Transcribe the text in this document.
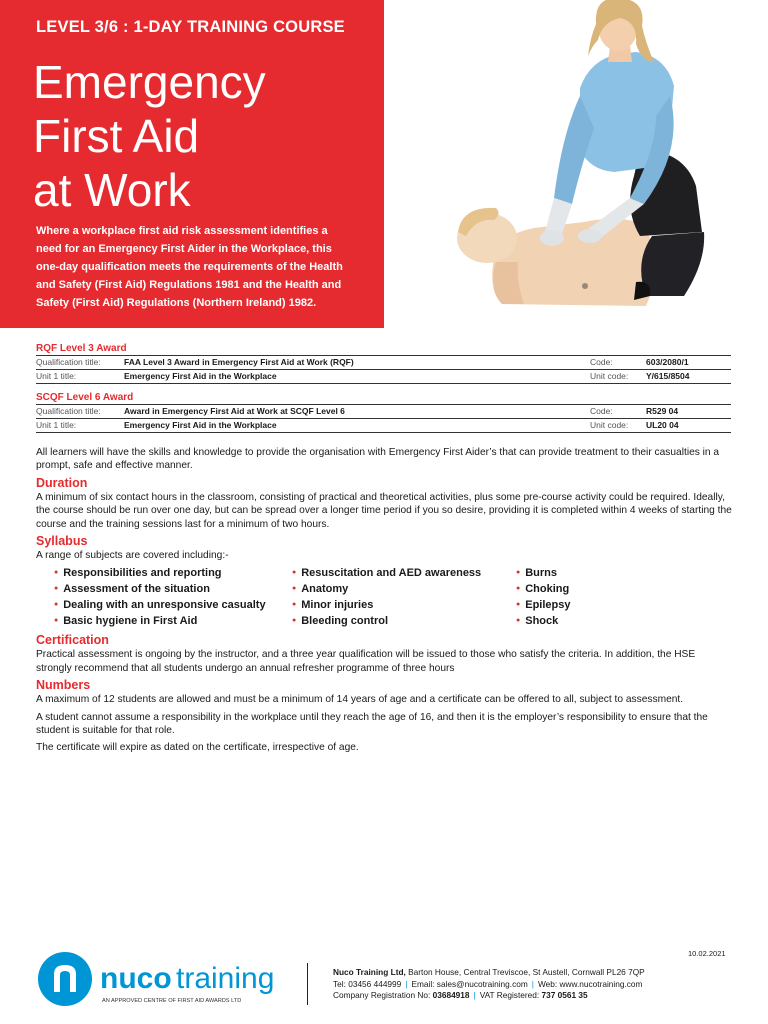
LEVEL 3/6 : 1-DAY TRAINING COURSE
Emergency
First Aid
at Work

Where a workplace first aid risk assessment identifies a need for an Emergency First Aider in the Workplace, this one-day qualification meets the requirements of the Health and Safety (First Aid) Regulations 1981 and the Health and Safety (First Aid) Regulations (Northern Ireland) 1982.

RQF Level 3 Award
Qualification title:	FAA Level 3 Award in Emergency First Aid at Work (RQF)	Code:	603/2080/1
Unit 1 title:	Emergency First Aid in the Workplace	Unit code:	Y/615/8504
SCQF Level 6 Award
Qualification title:	Award in Emergency First Aid at Work at SCQF Level 6	Code:	R529 04
Unit 1 title:	Emergency First Aid in the Workplace	Unit code:	UL20 04

All learners will have the skills and knowledge to provide the organisation with Emergency First Aider’s that can provide treatment to their casualties in a prompt, safe and effective manner.

Duration

A minimum of six contact hours in the classroom, consisting of practical and theoretical activities, plus some pre-course activity could be required. Ideally, the course should be run over one day, but can be spread over a longer time period if you so desire, providing it is completed within 4 weeks of starting the course and the training sessions last for a minimum of two hours.

Syllabus

A range of subjects are covered including:-

● Responsibilities and reporting
● Assessment of the situation
● Dealing with an unresponsive casualty
● Basic hygiene in First Aid
● Resuscitation and AED awareness
● Anatomy
● Minor injuries
● Bleeding control
● Burns
● Choking
● Epilepsy
● Shock
Certification

Practical assessment is ongoing by the instructor, and a three year qualification will be issued to those who satisfy the criteria. In addition, the HSE strongly recommend that all students undergo an annual refresher programme of three hours

Numbers

A maximum of 12 students are allowed and must be a minimum of 14 years of age and a certificate can be offered to all, subject to assessment.

A student cannot assume a responsibility in the workplace until they reach the age of 16, and then it is the employer’s responsibility to ensure that the student is suitable for that role.

The certificate will expire as dated on the certificate, irrespective of age.

10.02.2021
nuco training
AN APPROVED CENTRE OF FIRST AID AWARDS LTD
Nuco Training Ltd, Barton House, Central Treviscoe, St Austell, Cornwall PL26 7QP
Tel: 03456 444999 | Email: sales@nucotraining.com | Web: www.nucotraining.com
Company Registration No: 03684918 | VAT Registered: 737 0561 35
